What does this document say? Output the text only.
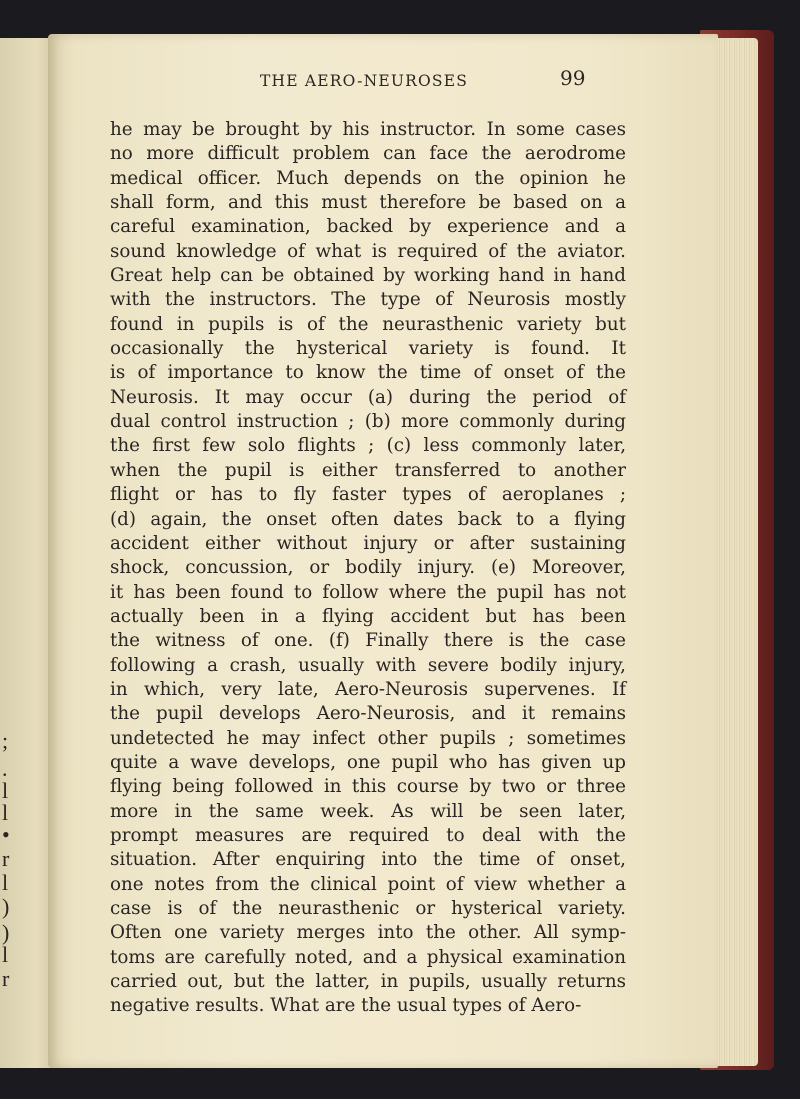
;
.
l
l
•
r
l
)
)
l
r
THE AERO-NEUROSES	99
he may be brought by his instructor. In some cases
no more difficult problem can face the aerodrome
medical officer. Much depends on the opinion he
shall form, and this must therefore be based on a
careful examination, backed by experience and a
sound knowledge of what is required of the aviator.
Great help can be obtained by working hand in hand
with the instructors. The type of Neurosis mostly
found in pupils is of the neurasthenic variety but
occasionally the hysterical variety is found. It
is of importance to know the time of onset of the
Neurosis. It may occur (a) during the period of
dual control instruction ; (b) more commonly during
the first few solo flights ; (c) less commonly later,
when the pupil is either transferred to another
flight or has to fly faster types of aeroplanes ;
(d) again, the onset often dates back to a flying
accident either without injury or after sustaining
shock, concussion, or bodily injury. (e) Moreover,
it has been found to follow where the pupil has not
actually been in a flying accident but has been
the witness of one. (f) Finally there is the case
following a crash, usually with severe bodily injury,
in which, very late, Aero-Neurosis supervenes. If
the pupil develops Aero-Neurosis, and it remains
undetected he may infect other pupils ; sometimes
quite a wave develops, one pupil who has given up
flying being followed in this course by two or three
more in the same week. As will be seen later,
prompt measures are required to deal with the
situation. After enquiring into the time of onset,
one notes from the clinical point of view whether a
case is of the neurasthenic or hysterical variety.
Often one variety merges into the other. All symp-
toms are carefully noted, and a physical examination
carried out, but the latter, in pupils, usually returns
negative results. What are the usual types of Aero-
